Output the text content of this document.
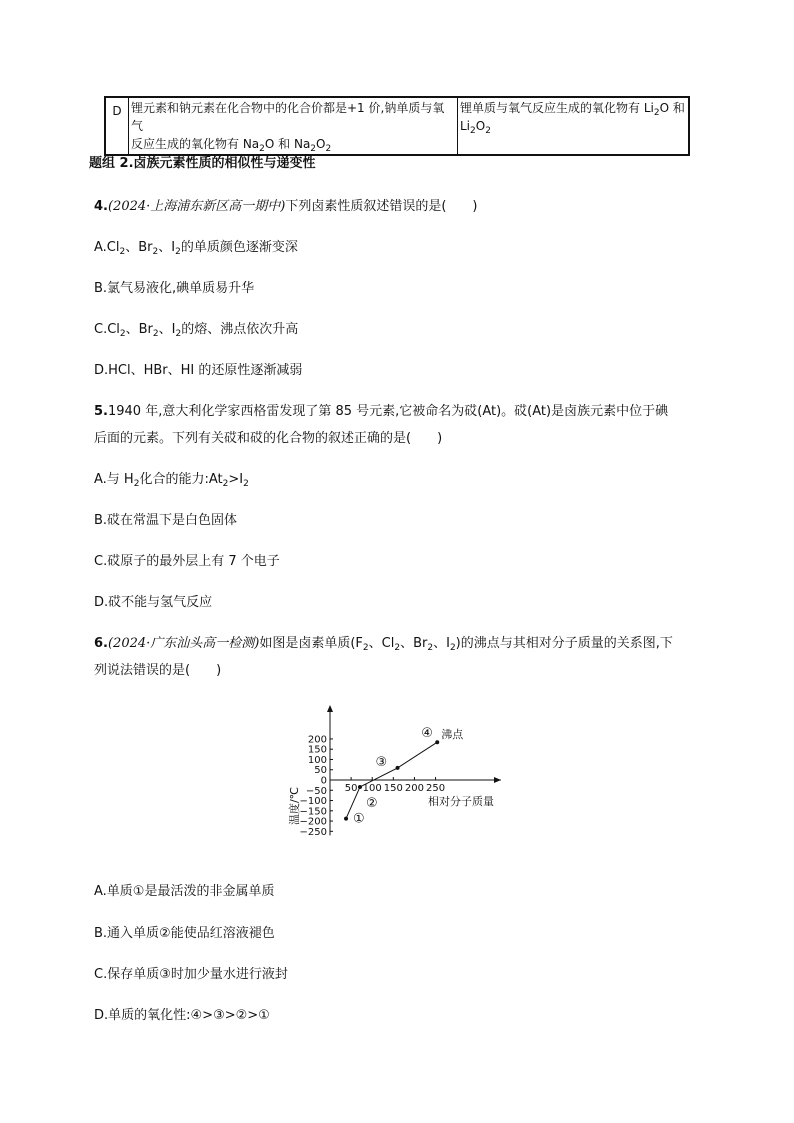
D	锂元素和钠元素在化合物中的化合价都是+1 价,钠单质与氧气
反应生成的氧化物有 $Na_2O$ 和 $Na_2O_2$	锂单质与氧气反应生成的氧化物有 $Li_2O$ 和
$Li_2O_2$
题组 2.卤族元素性质的相似性与递变性
4.(2024·上海浦东新区高一期中)下列卤素性质叙述错误的是(　　)
$A.Cl_2$、$Br_2$、$I_2$的单质颜色逐渐变深
B.氯气易液化,碘单质易升华
$C.Cl_2$、$Br_2$、$I_2$的熔、沸点依次升高
D.HCl、HBr、HI 的还原性逐渐减弱
5.1940 年,意大利化学家西格雷发现了第 85 号元素,它被命名为砹(At)。砹(At)是卤族元素中位于碘
后面的元素。下列有关砹和砹的化合物的叙述正确的是(　　)
A.与 $H_2$化合的能力$:At_2>I_2$
B.砹在常温下是白色固体
C.砹原子的最外层上有 7 个电子
D.砹不能与氢气反应
6.(2024·广东汕头高一检测)如图是卤素单质($F_2$、$Cl_2$、$Br_2$、$I_2$)的沸点与其相对分子质量的关系图,下
列说法错误的是(　　)
200
150
100
50
0
−50
−100
−150
−200
−250
50 100 150 200 250
相对分子质量
温度/℃	①
②
③
④ 沸点
A.单质①是最活泼的非金属单质
B.通入单质②能使品红溶液褪色
C.保存单质③时加少量水进行液封
D.单质的氧化性:④>③>②>①
